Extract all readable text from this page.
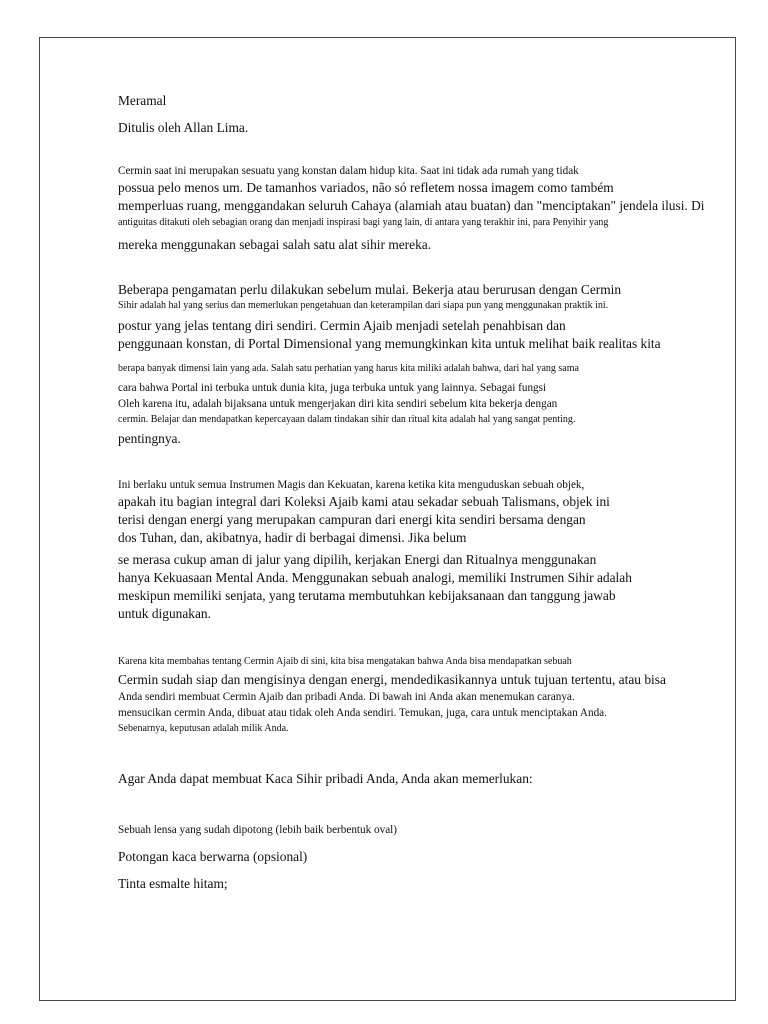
Meramal

Ditulis oleh Allan Lima.

Cermin saat ini merupakan sesuatu yang konstan dalam hidup kita. Saat ini tidak ada rumah yang tidak

possua pelo menos um. De tamanhos variados, não só refletem nossa imagem como também

memperluas ruang, menggandakan seluruh Cahaya (alamiah atau buatan) dan "menciptakan" jendela ilusi. Di

antiguitas ditakuti oleh sebagian orang dan menjadi inspirasi bagi yang lain, di antara yang terakhir ini, para Penyihir yang

mereka menggunakan sebagai salah satu alat sihir mereka.

Beberapa pengamatan perlu dilakukan sebelum mulai. Bekerja atau berurusan dengan Cermin

Sihir adalah hal yang serius dan memerlukan pengetahuan dan keterampilan dari siapa pun yang menggunakan praktik ini.

postur yang jelas tentang diri sendiri. Cermin Ajaib menjadi setelah penahbisan dan

penggunaan konstan, di Portal Dimensional yang memungkinkan kita untuk melihat baik realitas kita

berapa banyak dimensi lain yang ada. Salah satu perhatian yang harus kita miliki adalah bahwa, dari hal yang sama

cara bahwa Portal ini terbuka untuk dunia kita, juga terbuka untuk yang lainnya. Sebagai fungsi

Oleh karena itu, adalah bijaksana untuk mengerjakan diri kita sendiri sebelum kita bekerja dengan

cermin. Belajar dan mendapatkan kepercayaan dalam tindakan sihir dan ritual kita adalah hal yang sangat penting.

pentingnya.

Ini berlaku untuk semua Instrumen Magis dan Kekuatan, karena ketika kita menguduskan sebuah objek,

apakah itu bagian integral dari Koleksi Ajaib kami atau sekadar sebuah Talismans, objek ini

terisi dengan energi yang merupakan campuran dari energi kita sendiri bersama dengan

dos Tuhan, dan, akibatnya, hadir di berbagai dimensi. Jika belum

se merasa cukup aman di jalur yang dipilih, kerjakan Energi dan Ritualnya menggunakan

hanya Kekuasaan Mental Anda. Menggunakan sebuah analogi, memiliki Instrumen Sihir adalah

meskipun memiliki senjata, yang terutama membutuhkan kebijaksanaan dan tanggung jawab

untuk digunakan.

Karena kita membahas tentang Cermin Ajaib di sini, kita bisa mengatakan bahwa Anda bisa mendapatkan sebuah

Cermin sudah siap dan mengisinya dengan energi, mendedikasikannya untuk tujuan tertentu, atau bisa

Anda sendiri membuat Cermin Ajaib dan pribadi Anda. Di bawah ini Anda akan menemukan caranya.

mensucikan cermin Anda, dibuat atau tidak oleh Anda sendiri. Temukan, juga, cara untuk menciptakan Anda.

Sebenarnya, keputusan adalah milik Anda.

Agar Anda dapat membuat Kaca Sihir pribadi Anda, Anda akan memerlukan:

Sebuah lensa yang sudah dipotong (lebih baik berbentuk oval)

Potongan kaca berwarna (opsional)

Tinta esmalte hitam;
